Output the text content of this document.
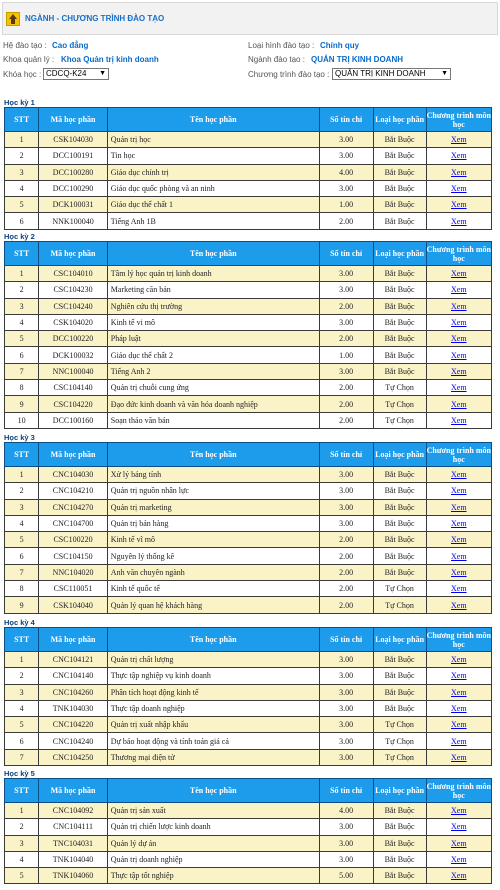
NGÀNH - CHƯƠNG TRÌNH ĐÀO TẠO
Hệ đào tạo : Cao đẳng	Loại hình đào tạo : Chính quy
Khoa quản lý : Khoa Quản trị kinh doanh	Ngành đào tạo : QUẢN TRỊ KINH DOANH
Khóa học : CDCQ-K24 ▼	Chương trình đào tạo : QUẢN TRỊ KINH DOANH ▼
Học kỳ 1
STT	Mã học phần	Tên học phần	Số tín chỉ	Loại học phần	Chương trình môn học
1	CSK104030	Quản trị học	3.00	Bắt Buộc	Xem
2	DCC100191	Tin học	3.00	Bắt Buộc	Xem
3	DCC100280	Giáo dục chính trị	4.00	Bắt Buộc	Xem
4	DCC100290	Giáo dục quốc phòng và an ninh	3.00	Bắt Buộc	Xem
5	DCK100031	Giáo dục thể chất 1	1.00	Bắt Buộc	Xem
6	NNK100040	Tiếng Anh 1B	2.00	Bắt Buộc	Xem
Học kỳ 2
STT	Mã học phần	Tên học phần	Số tín chỉ	Loại học phần	Chương trình môn học
1	CSC104010	Tâm lý học quản trị kinh doanh	3.00	Bắt Buộc	Xem
2	CSC104230	Marketing căn bản	3.00	Bắt Buộc	Xem
3	CSC104240	Nghiên cứu thị trường	2.00	Bắt Buộc	Xem
4	CSK104020	Kinh tế vi mô	3.00	Bắt Buộc	Xem
5	DCC100220	Pháp luật	2.00	Bắt Buộc	Xem
6	DCK100032	Giáo dục thể chất 2	1.00	Bắt Buộc	Xem
7	NNC100040	Tiếng Anh 2	3.00	Bắt Buộc	Xem
8	CSC104140	Quản trị chuỗi cung ứng	2.00	Tự Chọn	Xem
9	CSC104220	Đạo đức kinh doanh và văn hóa doanh nghiệp	2.00	Tự Chọn	Xem
10	DCC100160	Soạn thảo văn bản	2.00	Tự Chọn	Xem
Học kỳ 3
STT	Mã học phần	Tên học phần	Số tín chỉ	Loại học phần	Chương trình môn học
1	CNC104030	Xử lý bảng tính	3.00	Bắt Buộc	Xem
2	CNC104210	Quản trị nguồn nhân lực	3.00	Bắt Buộc	Xem
3	CNC104270	Quản trị marketing	3.00	Bắt Buộc	Xem
4	CNC104700	Quản trị bán hàng	3.00	Bắt Buộc	Xem
5	CSC100220	Kinh tế vĩ mô	2.00	Bắt Buộc	Xem
6	CSC104150	Nguyên lý thống kê	2.00	Bắt Buộc	Xem
7	NNC104020	Anh văn chuyên ngành	2.00	Bắt Buộc	Xem
8	CSC110051	Kinh tế quốc tế	2.00	Tự Chọn	Xem
9	CSK104040	Quản lý quan hệ khách hàng	2.00	Tự Chọn	Xem
Học kỳ 4
STT	Mã học phần	Tên học phần	Số tín chỉ	Loại học phần	Chương trình môn học
1	CNC104121	Quản trị chất lượng	3.00	Bắt Buộc	Xem
2	CNC104140	Thực tập nghiệp vụ kinh doanh	3.00	Bắt Buộc	Xem
3	CNC104260	Phân tích hoạt động kinh tế	3.00	Bắt Buộc	Xem
4	TNK104030	Thực tập doanh nghiệp	3.00	Bắt Buộc	Xem
5	CNC104220	Quản trị xuất nhập khẩu	3.00	Tự Chọn	Xem
6	CNC104240	Dự báo hoạt động và tính toán giá cả	3.00	Tự Chọn	Xem
7	CNC104250	Thương mại điện tử	3.00	Tự Chọn	Xem
Học kỳ 5
STT	Mã học phần	Tên học phần	Số tín chỉ	Loại học phần	Chương trình môn học
1	CNC104092	Quản trị sản xuất	4.00	Bắt Buộc	Xem
2	CNC104111	Quản trị chiến lược kinh doanh	3.00	Bắt Buộc	Xem
3	TNC104031	Quản lý dự án	3.00	Bắt Buộc	Xem
4	TNK104040	Quản trị doanh nghiệp	3.00	Bắt Buộc	Xem
5	TNK104060	Thực tập tốt nghiệp	5.00	Bắt Buộc	Xem
